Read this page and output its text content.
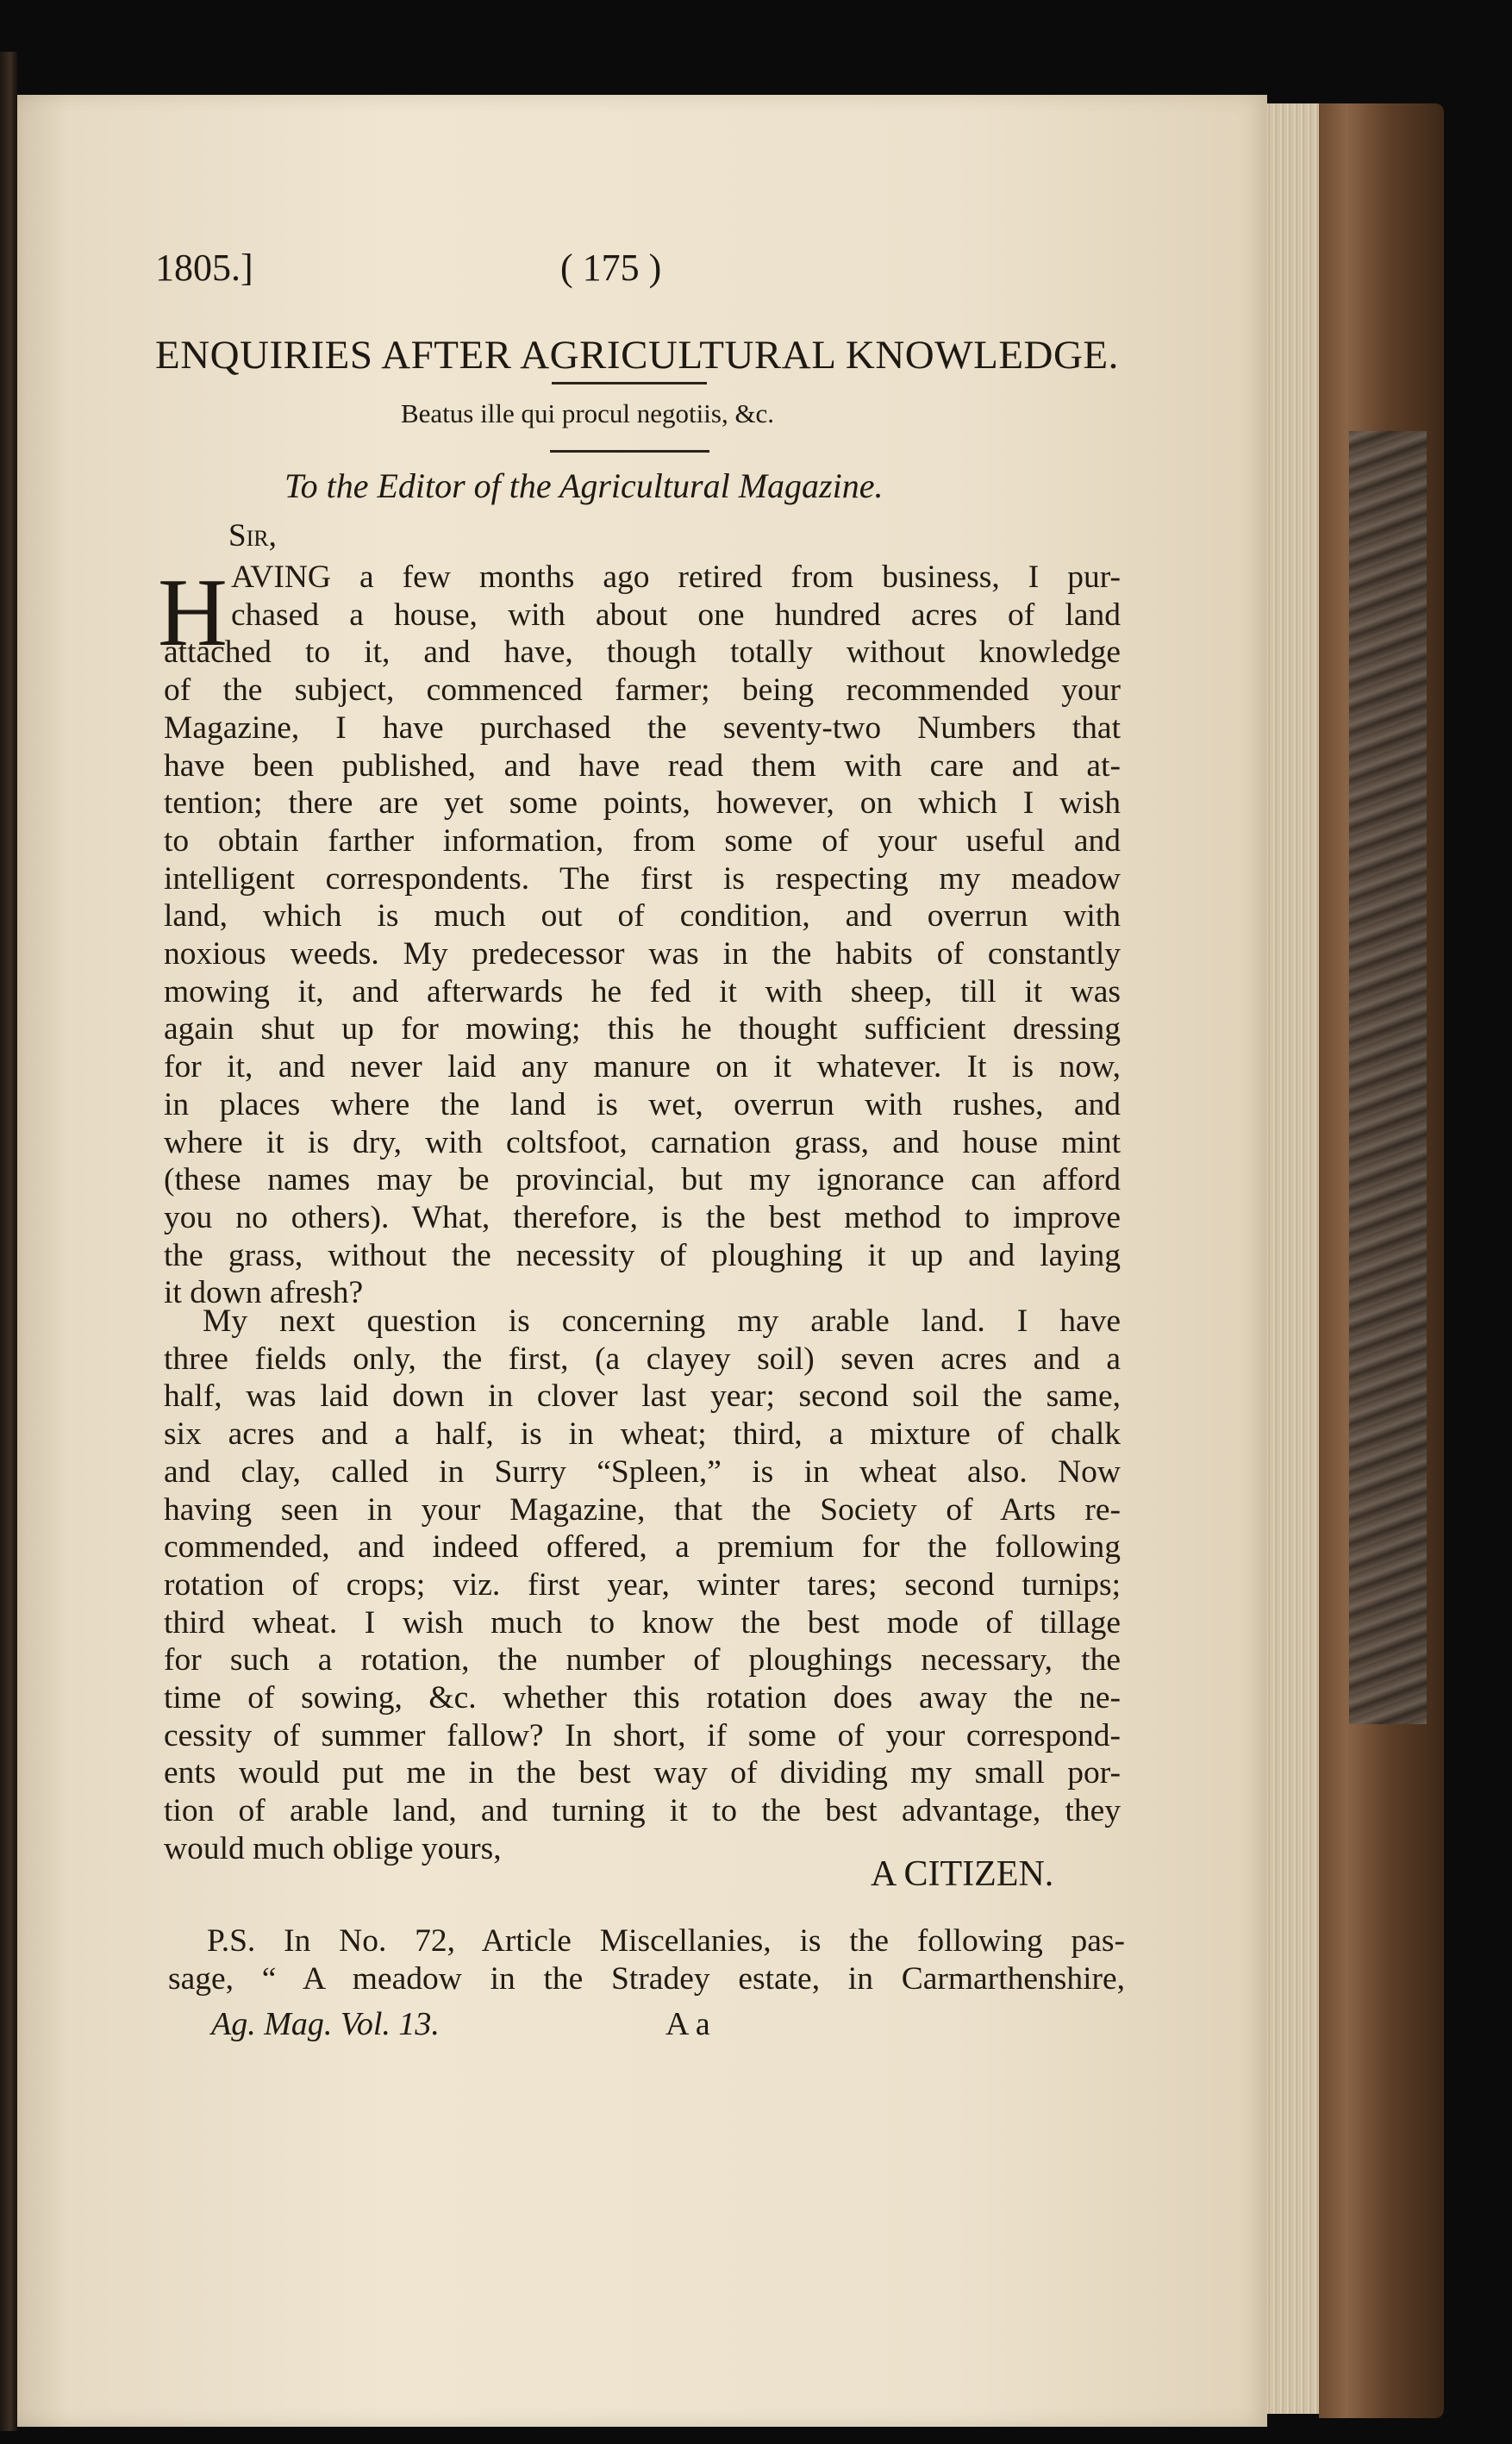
1805.]	( 175 )
ENQUIRIES AFTER AGRICULTURAL KNOWLEDGE.
Beatus ille qui procul negotiis, &c.
To the Editor of the Agricultural Magazine.
Sir,
H AVING a few months ago retired from business, I pur-
chased a house, with about one hundred acres of land
attached to it, and have, though totally without knowledge
of the subject, commenced farmer; being recommended your
Magazine, I have purchased the seventy-two Numbers that
have been published, and have read them with care and at-
tention; there are yet some points, however, on which I wish
to obtain farther information, from some of your useful and
intelligent correspondents. The first is respecting my meadow
land, which is much out of condition, and overrun with
noxious weeds. My predecessor was in the habits of constantly
mowing it, and afterwards he fed it with sheep, till it was
again shut up for mowing; this he thought sufficient dressing
for it, and never laid any manure on it whatever. It is now,
in places where the land is wet, overrun with rushes, and
where it is dry, with coltsfoot, carnation grass, and house mint
(these names may be provincial, but my ignorance can afford
you no others). What, therefore, is the best method to improve
the grass, without the necessity of ploughing it up and laying
it down afresh?
My next question is concerning my arable land. I have
three fields only, the first, (a clayey soil) seven acres and a
half, was laid down in clover last year; second soil the same,
six acres and a half, is in wheat; third, a mixture of chalk
and clay, called in Surry “Spleen,” is in wheat also. Now
having seen in your Magazine, that the Society of Arts re-
commended, and indeed offered, a premium for the following
rotation of crops; viz. first year, winter tares; second turnips;
third wheat. I wish much to know the best mode of tillage
for such a rotation, the number of ploughings necessary, the
time of sowing, &c. whether this rotation does away the ne-
cessity of summer fallow? In short, if some of your correspond-
ents would put me in the best way of dividing my small por-
tion of arable land, and turning it to the best advantage, they
would much oblige yours,
A CITIZEN.
P.S. In No. 72, Article Miscellanies, is the following pas-
sage, “ A meadow in the Stradey estate, in Carmarthenshire,
Ag. Mag. Vol. 13.	A a
